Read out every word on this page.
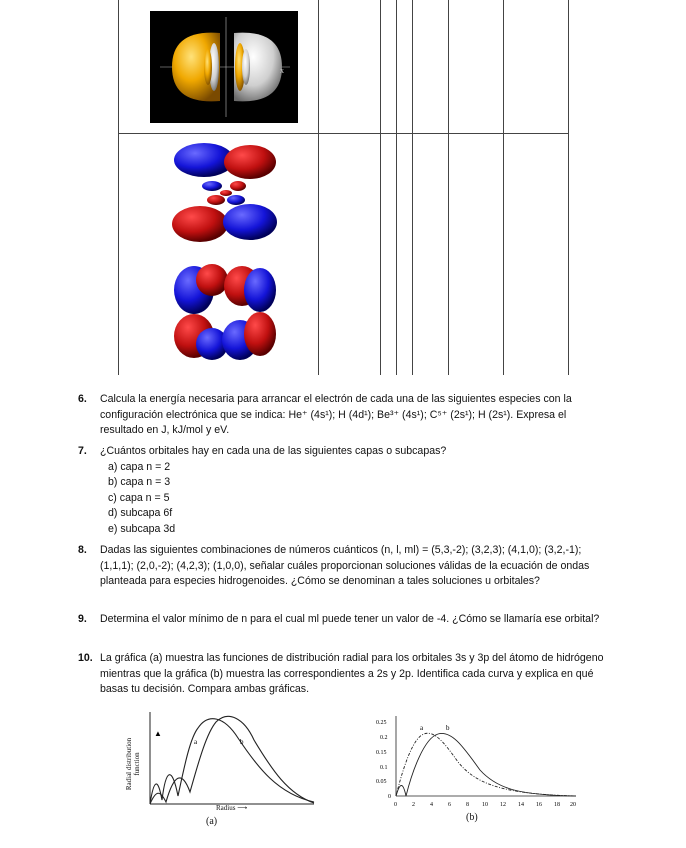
x
6. Calcula la energía necesaria para arrancar el electrón de cada una de las siguientes especies con la configuración electrónica que se indica: He⁺ (4s¹); H (4d¹); Be³⁺ (4s¹); C⁵⁺ (2s¹); H (2s¹). Expresa el resultado en J, kJ/mol y eV.
7. ¿Cuántos orbitales hay en cada una de las siguientes capas o subcapas?
a) capa n = 2
b) capa n = 3
c) capa n = 5
d) subcapa 6f
e) subcapa 3d
8. Dadas las siguientes combinaciones de números cuánticos (n, l, ml) = (5,3,-2); (3,2,3); (4,1,0); (3,2,-1); (1,1,1); (2,0,-2); (4,2,3); (1,0,0), señalar cuáles proporcionan soluciones válidas de la ecuación de ondas planteada para especies hidrogenoides. ¿Cómo se denominan a tales soluciones u orbitales?
9. Determina el valor mínimo de n para el cual ml puede tener un valor de -4. ¿Cómo se llamaría ese orbital?
10. La gráfica (a) muestra las funciones de distribución radial para los orbitales 3s y 3p del átomo de hidrógeno mientras que la gráfica (b) muestra las correspondientes a 2s y 2p. Identifica cada curva y explica en qué basas tu decisión. Compara ambas gráficas.
a	b
▲
Radial distribution
function
Radius ⟶
(a)
0.25
0.2
0.15
0.1
0.05
0
0	2	4	6	8 10 12 14 16 18 20
a	b
(b)
